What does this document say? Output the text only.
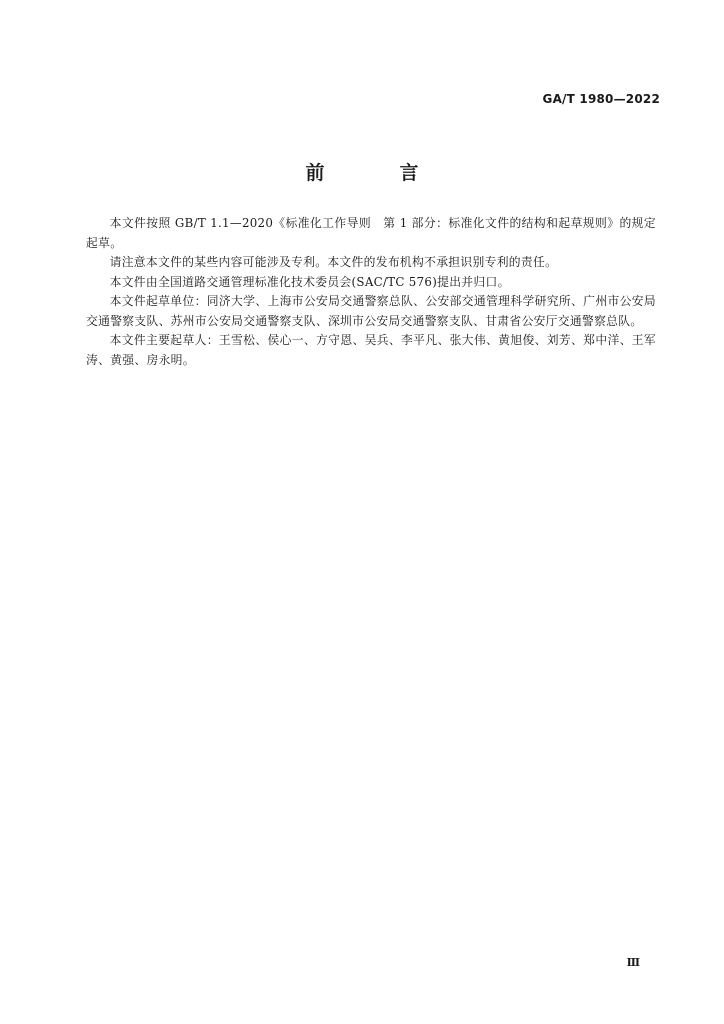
GA/T 1980—2022
前　言

本文件按照 GB/T 1.1—2020《标准化工作导则　第 1 部分：标准化文件的结构和起草规则》的规定起草。

请注意本文件的某些内容可能涉及专利。本文件的发布机构不承担识别专利的责任。

本文件由全国道路交通管理标准化技术委员会(SAC/TC 576)提出并归口。

本文件起草单位：同济大学、上海市公安局交通警察总队、公安部交通管理科学研究所、广州市公安局交通警察支队、苏州市公安局交通警察支队、深圳市公安局交通警察支队、甘肃省公安厅交通警察总队。

本文件主要起草人：王雪松、侯心一、方守恩、吴兵、李平凡、张大伟、黄旭俊、刘芳、郑中洋、王军涛、黄强、房永明。

Ⅲ
